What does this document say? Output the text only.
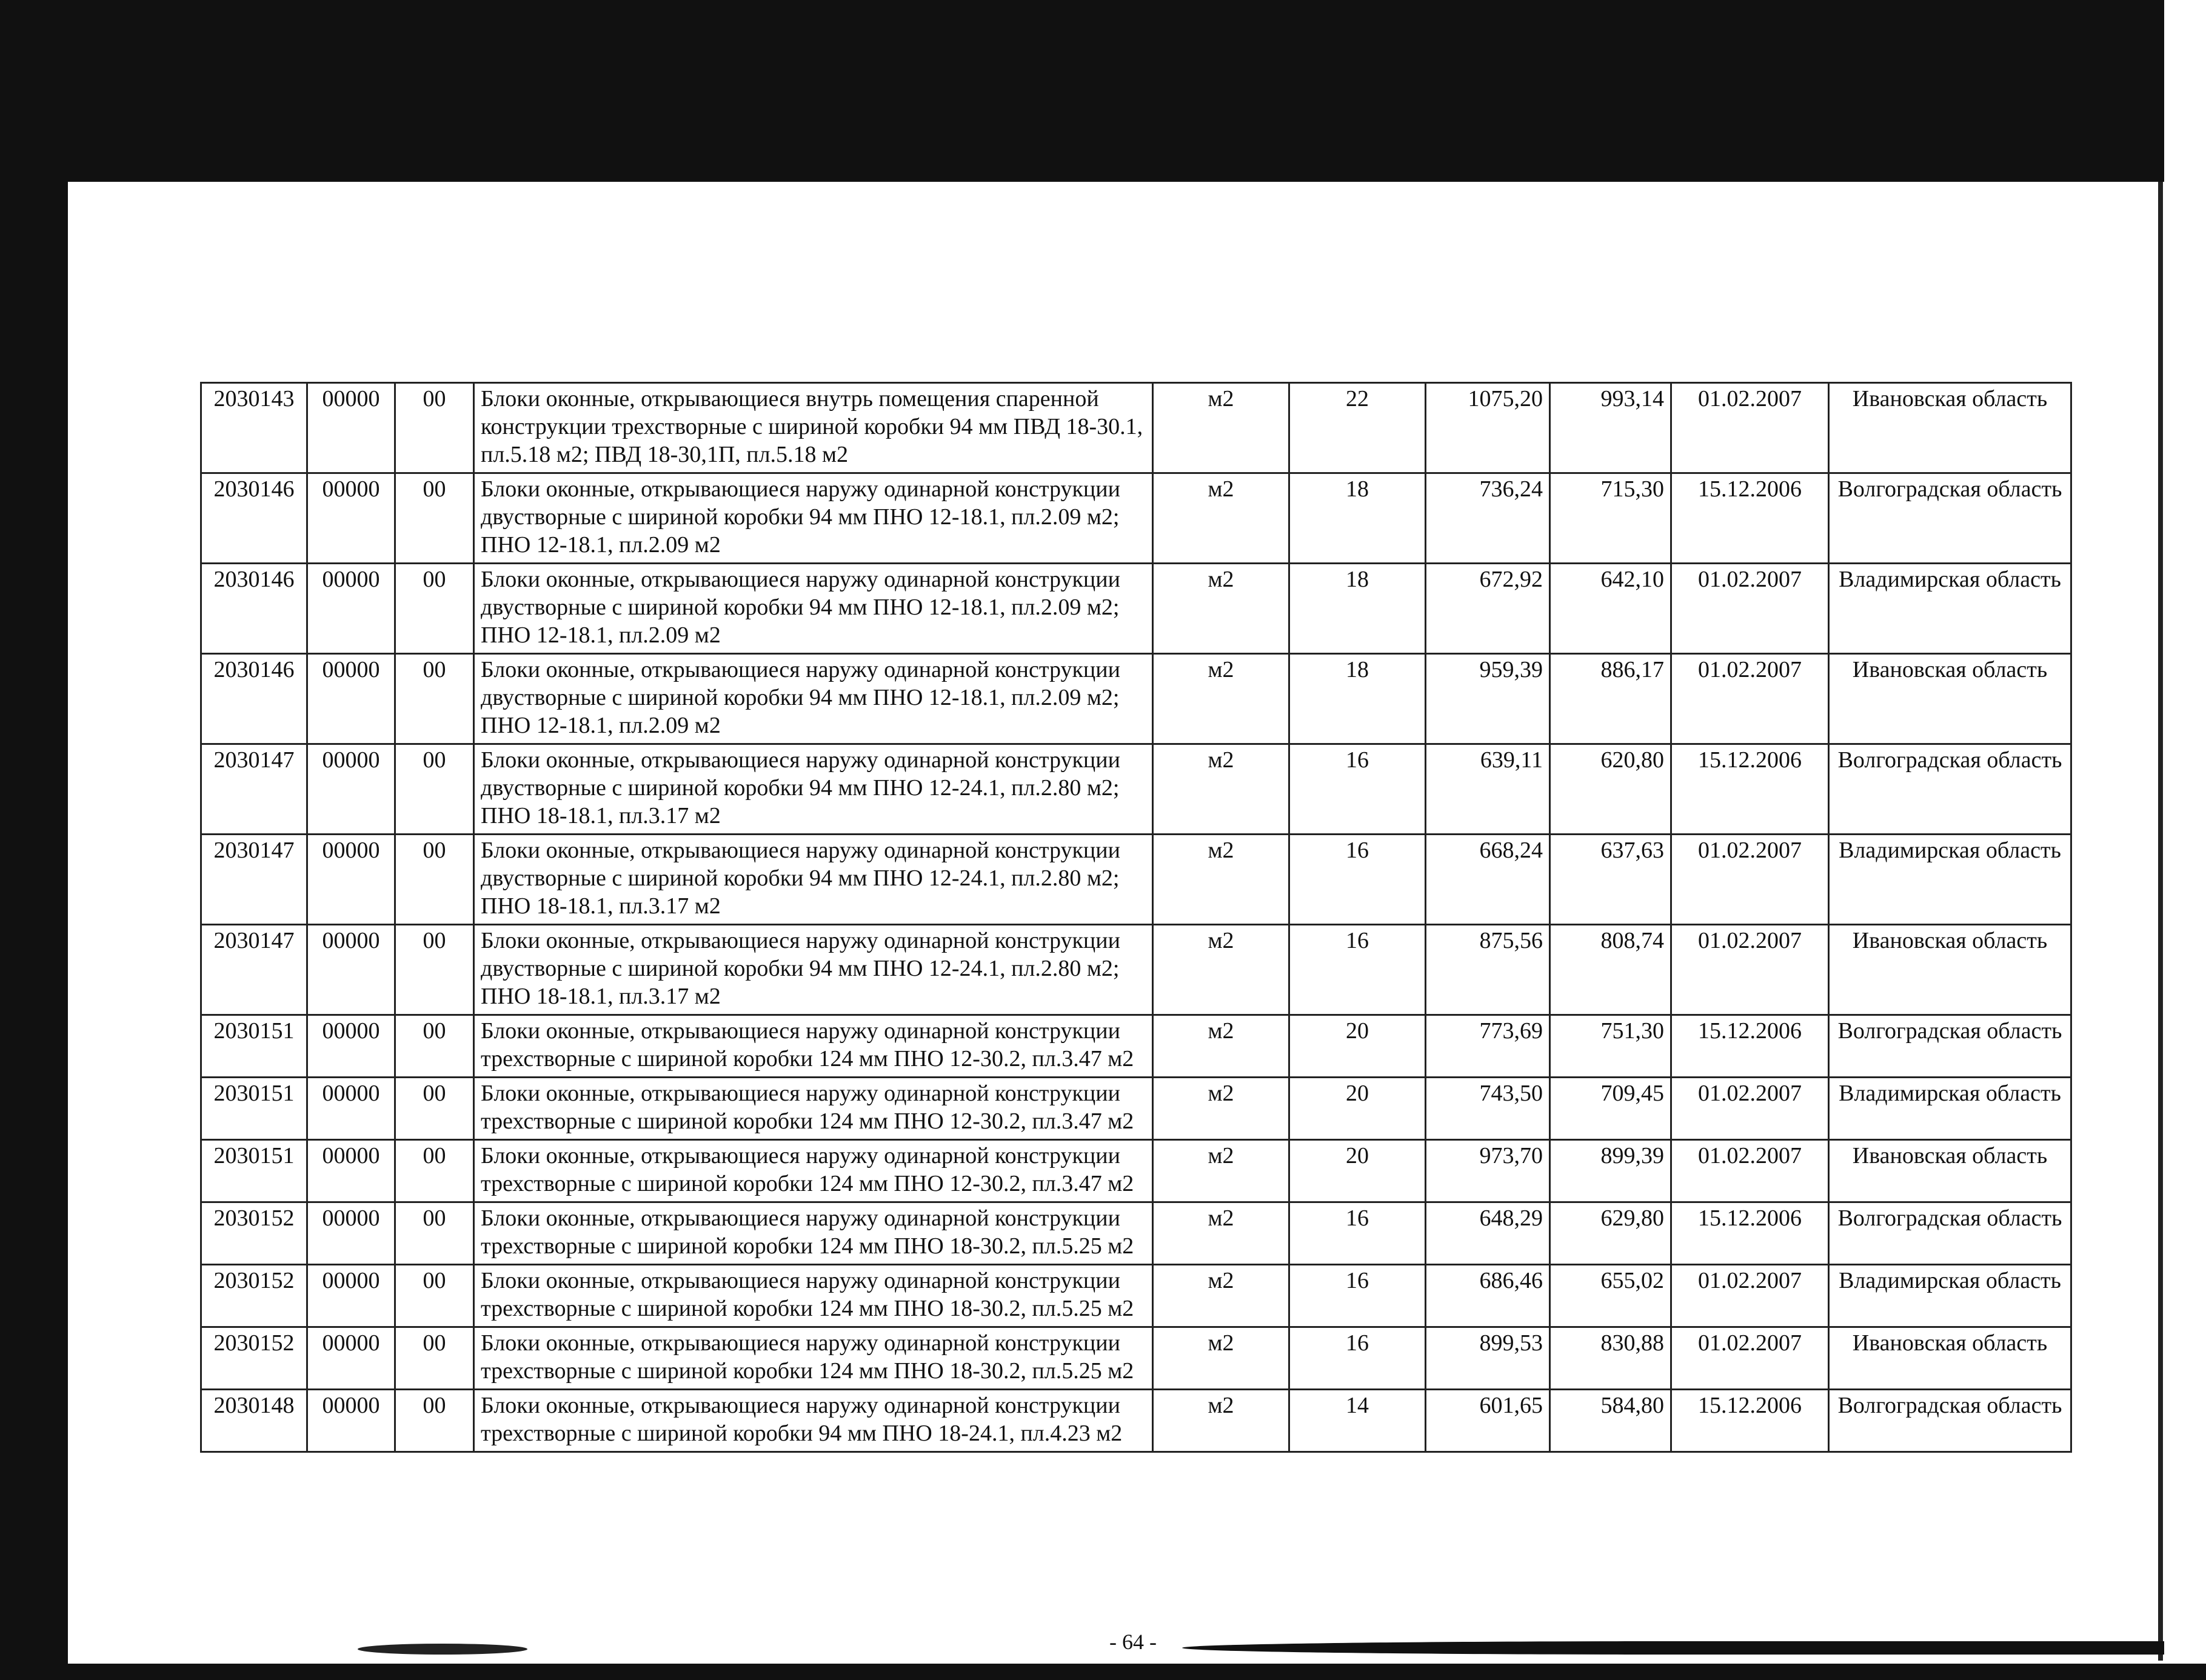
2030143	00000	00	Блоки оконные, открывающиеся внутрь помещения спаренной конструкции трехстворные с шириной коробки 94 мм ПВД 18-30.1, пл.5.18 м2; ПВД 18-30,1П, пл.5.18 м2	м2	22	1075,20	993,14	01.02.2007	Ивановская область
2030146	00000	00	Блоки оконные, открывающиеся наружу одинарной конструкции двустворные с шириной коробки 94 мм ПНО 12-18.1, пл.2.09 м2; ПНО 12-18.1, пл.2.09 м2	м2	18	736,24	715,30	15.12.2006	Волгоградская область
2030146	00000	00	Блоки оконные, открывающиеся наружу одинарной конструкции двустворные с шириной коробки 94 мм ПНО 12-18.1, пл.2.09 м2; ПНО 12-18.1, пл.2.09 м2	м2	18	672,92	642,10	01.02.2007	Владимирская область
2030146	00000	00	Блоки оконные, открывающиеся наружу одинарной конструкции двустворные с шириной коробки 94 мм ПНО 12-18.1, пл.2.09 м2; ПНО 12-18.1, пл.2.09 м2	м2	18	959,39	886,17	01.02.2007	Ивановская область
2030147	00000	00	Блоки оконные, открывающиеся наружу одинарной конструкции двустворные с шириной коробки 94 мм ПНО 12-24.1, пл.2.80 м2; ПНО 18-18.1, пл.3.17 м2	м2	16	639,11	620,80	15.12.2006	Волгоградская область
2030147	00000	00	Блоки оконные, открывающиеся наружу одинарной конструкции двустворные с шириной коробки 94 мм ПНО 12-24.1, пл.2.80 м2; ПНО 18-18.1, пл.3.17 м2	м2	16	668,24	637,63	01.02.2007	Владимирская область
2030147	00000	00	Блоки оконные, открывающиеся наружу одинарной конструкции двустворные с шириной коробки 94 мм ПНО 12-24.1, пл.2.80 м2; ПНО 18-18.1, пл.3.17 м2	м2	16	875,56	808,74	01.02.2007	Ивановская область
2030151	00000	00	Блоки оконные, открывающиеся наружу одинарной конструкции трехстворные с шириной коробки 124 мм ПНО 12-30.2, пл.3.47 м2	м2	20	773,69	751,30	15.12.2006	Волгоградская область
2030151	00000	00	Блоки оконные, открывающиеся наружу одинарной конструкции трехстворные с шириной коробки 124 мм ПНО 12-30.2, пл.3.47 м2	м2	20	743,50	709,45	01.02.2007	Владимирская область
2030151	00000	00	Блоки оконные, открывающиеся наружу одинарной конструкции трехстворные с шириной коробки 124 мм ПНО 12-30.2, пл.3.47 м2	м2	20	973,70	899,39	01.02.2007	Ивановская область
2030152	00000	00	Блоки оконные, открывающиеся наружу одинарной конструкции трехстворные с шириной коробки 124 мм ПНО 18-30.2, пл.5.25 м2	м2	16	648,29	629,80	15.12.2006	Волгоградская область
2030152	00000	00	Блоки оконные, открывающиеся наружу одинарной конструкции трехстворные с шириной коробки 124 мм ПНО 18-30.2, пл.5.25 м2	м2	16	686,46	655,02	01.02.2007	Владимирская область
2030152	00000	00	Блоки оконные, открывающиеся наружу одинарной конструкции трехстворные с шириной коробки 124 мм ПНО 18-30.2, пл.5.25 м2	м2	16	899,53	830,88	01.02.2007	Ивановская область
2030148	00000	00	Блоки оконные, открывающиеся наружу одинарной конструкции трехстворные с шириной коробки 94 мм ПНО 18-24.1, пл.4.23 м2	м2	14	601,65	584,80	15.12.2006	Волгоградская область
- 64 -
